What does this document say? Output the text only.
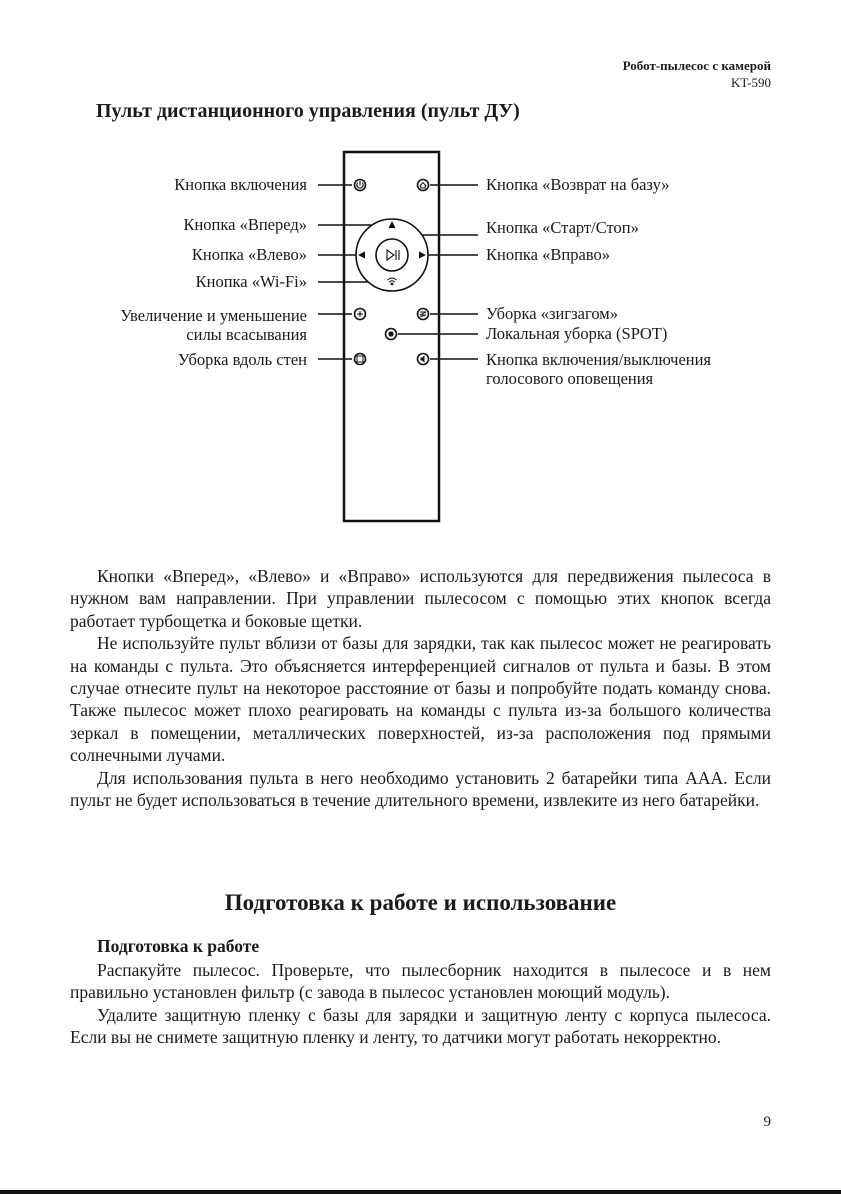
Робот-пылесос с камерой
KT-590
Пульт дистанционного управления (пульт ДУ)
Кнопка включения
Кнопка «Вперед»
Кнопка «Влево»
Кнопка «Wi-Fi»
Увеличение и уменьшение
силы всасывания
Уборка вдоль стен
Кнопка «Возврат на базу»
Кнопка «Старт/Стоп»
Кнопка «Вправо»
Уборка «зигзагом»
Локальная уборка (SPOT)
Кнопка включения/выключения
голосового оповещения

Кнопки «Вперед», «Влево» и «Вправо» используются для передвижения пылесоса в нужном вам направлении. При управлении пылесосом с помощью этих кнопок всегда работает турбощетка и боковые щетки.

Не используйте пульт вблизи от базы для зарядки, так как пылесос может не реагировать на команды с пульта. Это объясняется интерференцией сигналов от пульта и базы. В этом случае отнесите пульт на некоторое расстояние от базы и попробуйте подать команду снова. Также пылесос может плохо реагировать на команды с пульта из-за большого количества зеркал в помещении, металлических поверхностей, из-за расположения под прямыми солнечными лучами.

Для использования пульта в него необходимо установить 2 батарейки типа AAA. Если пульт не будет использоваться в течение длительного времени, извлеките из него батарейки.

Подготовка к работе и использование
Подготовка к работе

Распакуйте пылесос. Проверьте, что пылесборник находится в пылесосе и в нем правильно установлен фильтр (с завода в пылесос установлен моющий модуль).

Удалите защитную пленку с базы для зарядки и защитную ленту с корпуса пылесоса. Если вы не снимете защитную пленку и ленту, то датчики могут работать некорректно.

9
